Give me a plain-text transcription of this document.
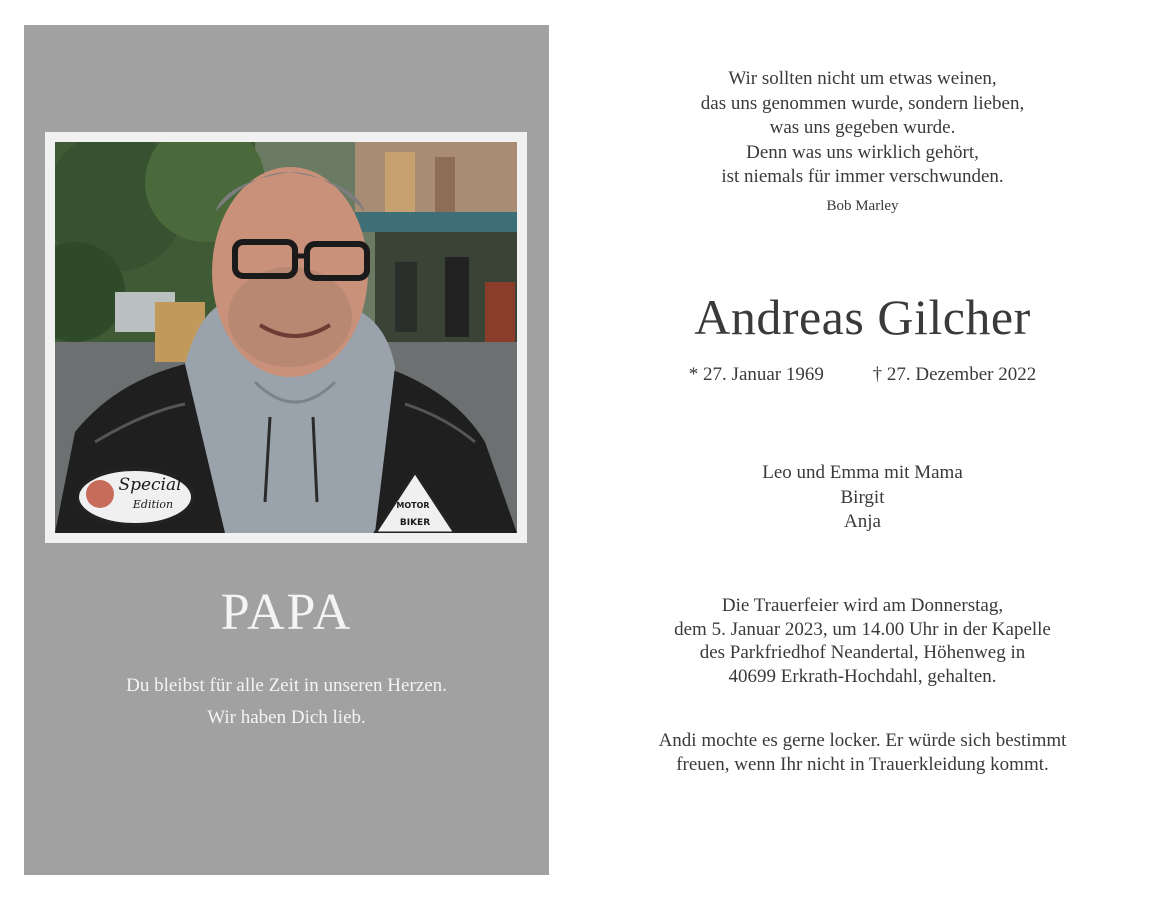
Special
Edition	MOTOR
BIKER
PAPA
Du bleibst für alle Zeit in unseren Herzen.
Wir haben Dich lieb.
Wir sollten nicht um etwas weinen,
das uns genommen wurde, sondern lieben,
was uns gegeben wurde.
Denn was uns wirklich gehört,
ist niemals für immer verschwunden.
Bob Marley
Andreas Gilcher
* 27. Januar 1969	† 27. Dezember 2022
Leo und Emma mit Mama
Birgit
Anja
Die Trauerfeier wird am Donnerstag,
dem 5. Januar 2023, um 14.00 Uhr in der Kapelle
des Parkfriedhof Neandertal, Höhenweg in
40699 Erkrath-Hochdahl, gehalten.
Andi mochte es gerne locker. Er würde sich bestimmt
freuen, wenn Ihr nicht in Trauerkleidung kommt.
